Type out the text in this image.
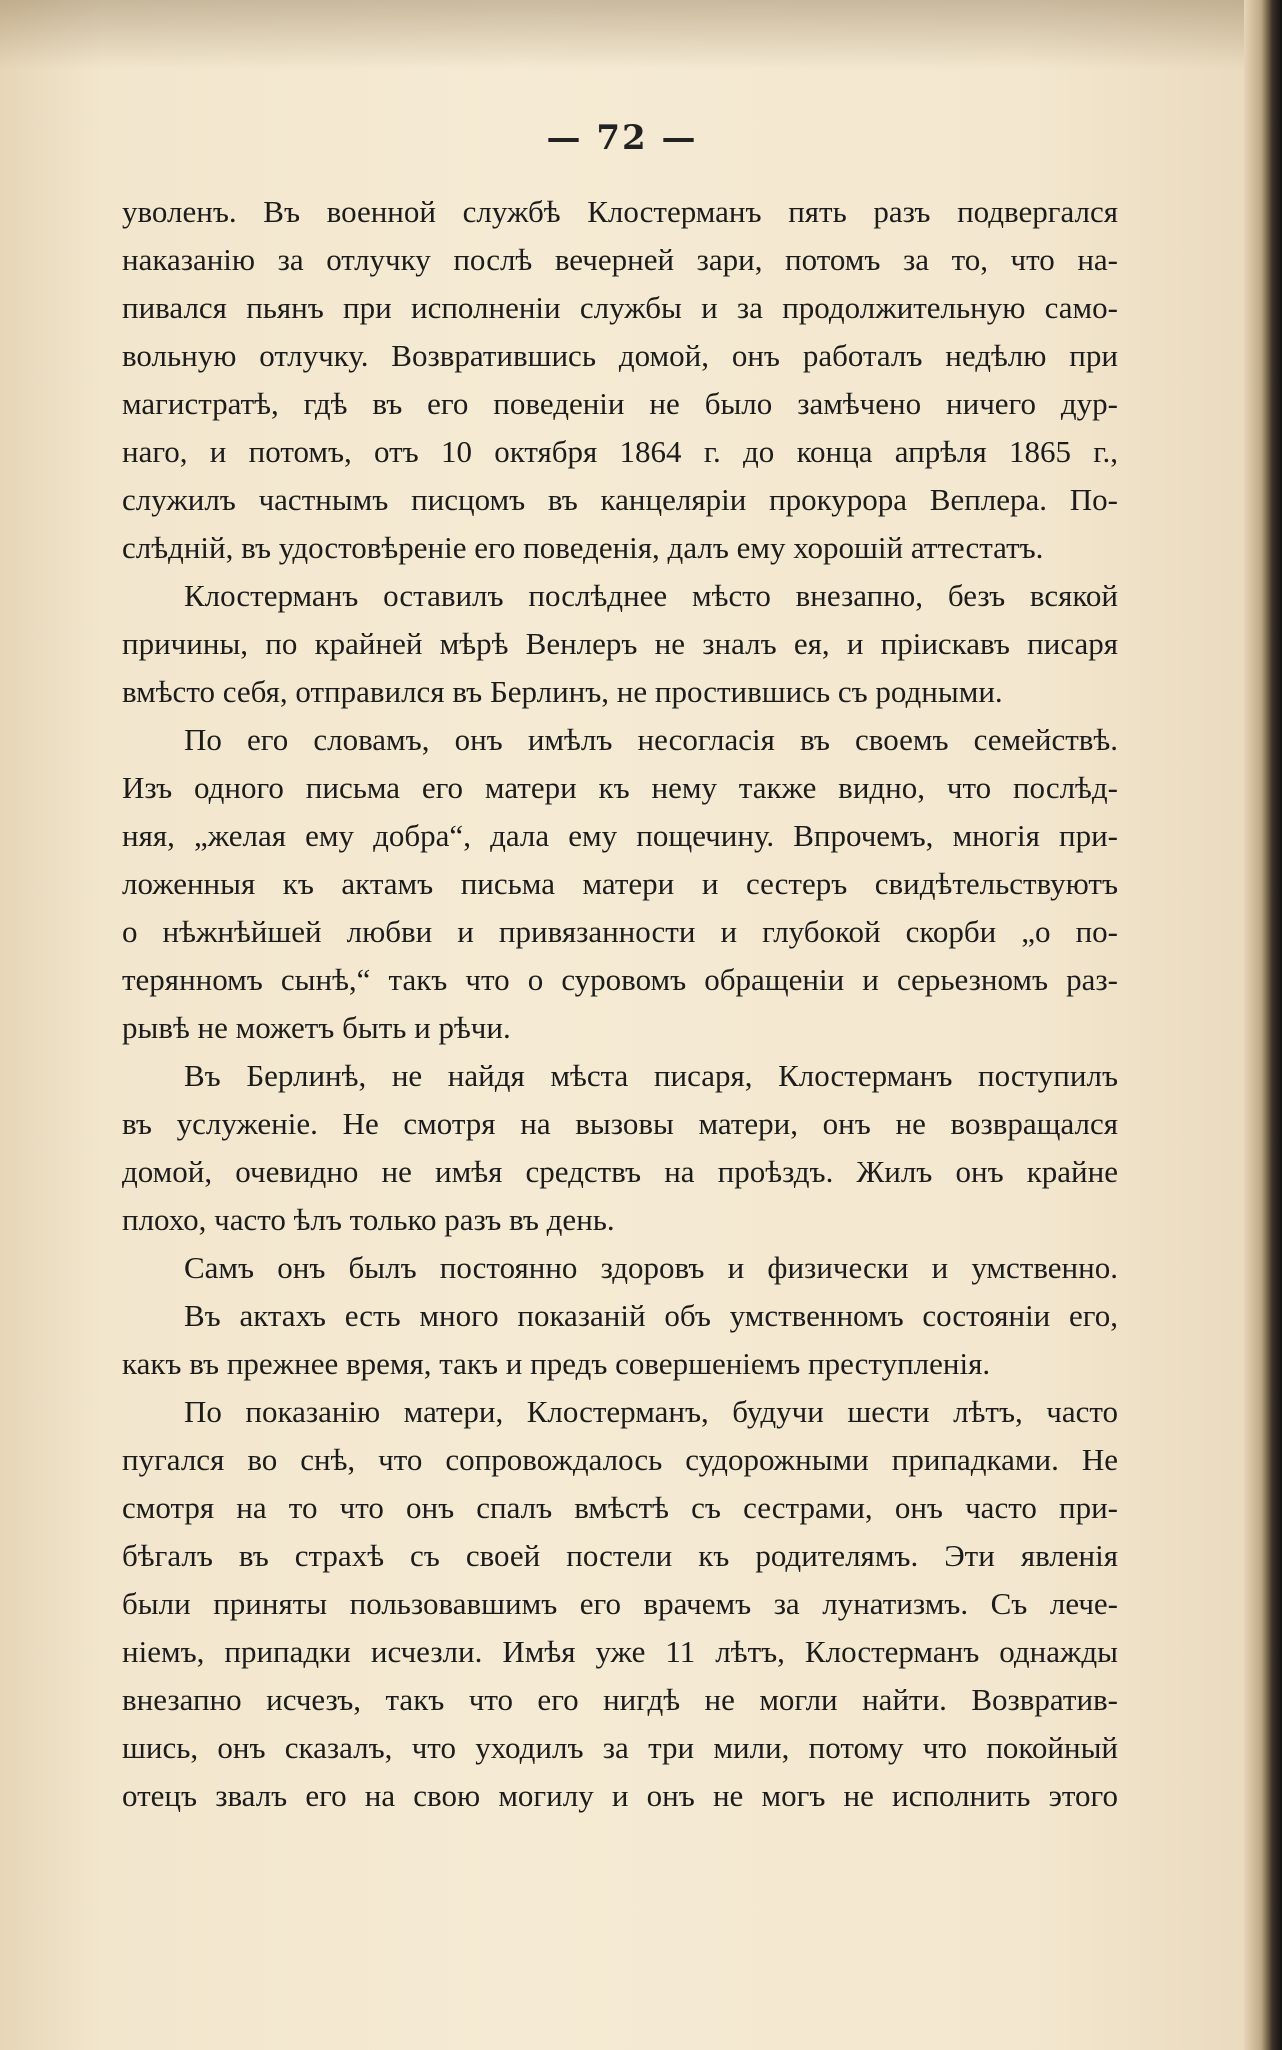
— 72 —
уволенъ. Въ военной службѣ Клостерманъ пять разъ подвергался
наказанію за отлучку послѣ вечерней зари, потомъ за то, что на-
пивался пьянъ при исполненіи службы и за продолжительную само-
вольную отлучку. Возвратившись домой, онъ работалъ недѣлю при
магистратѣ, гдѣ въ его поведеніи не было замѣчено ничего дур-
наго, и потомъ, отъ 10 октября 1864 г. до конца апрѣля 1865 г.,
служилъ частнымъ писцомъ въ канцеляріи прокурора Веплера. По-
слѣдній, въ удостовѣреніе его поведенія, далъ ему хорошій аттестатъ.
Клостерманъ оставилъ послѣднее мѣсто внезапно, безъ всякой
причины, по крайней мѣрѣ Венлеръ не зналъ ея, и пріискавъ писаря
вмѣсто себя, отправился въ Берлинъ, не простившись съ родными.
По его словамъ, онъ имѣлъ несогласія въ своемъ семействѣ.
Изъ одного письма его матери къ нему также видно, что послѣд-
няя, „желая ему добра“, дала ему пощечину. Впрочемъ, многія при-
ложенныя къ актамъ письма матери и сестеръ свидѣтельствуютъ
о нѣжнѣйшей любви и привязанности и глубокой скорби „о по-
терянномъ сынѣ,“ такъ что о суровомъ обращеніи и серьезномъ раз-
рывѣ не можетъ быть и рѣчи.
Въ Берлинѣ, не найдя мѣста писаря, Клостерманъ поступилъ
въ услуженіе. Не смотря на вызовы матери, онъ не возвращался
домой, очевидно не имѣя средствъ на проѣздъ. Жилъ онъ крайне
плохо, часто ѣлъ только разъ въ день.
Самъ онъ былъ постоянно здоровъ и физически и умственно.
Въ актахъ есть много показаній объ умственномъ состояніи его,
какъ въ прежнее время, такъ и предъ совершеніемъ преступленія.
По показанію матери, Клостерманъ, будучи шести лѣтъ, часто
пугался во снѣ, что сопровождалось судорожными припадками. Не
смотря на то что онъ спалъ вмѣстѣ съ сестрами, онъ часто при-
бѣгалъ въ страхѣ съ своей постели къ родителямъ. Эти явленія
были приняты пользовавшимъ его врачемъ за лунатизмъ. Съ лече-
ніемъ, припадки исчезли. Имѣя уже 11 лѣтъ, Клостерманъ однажды
внезапно исчезъ, такъ что его нигдѣ не могли найти. Возвратив-
шись, онъ сказалъ, что уходилъ за три мили, потому что покойный
отецъ звалъ его на свою могилу и онъ не могъ не исполнить этого
